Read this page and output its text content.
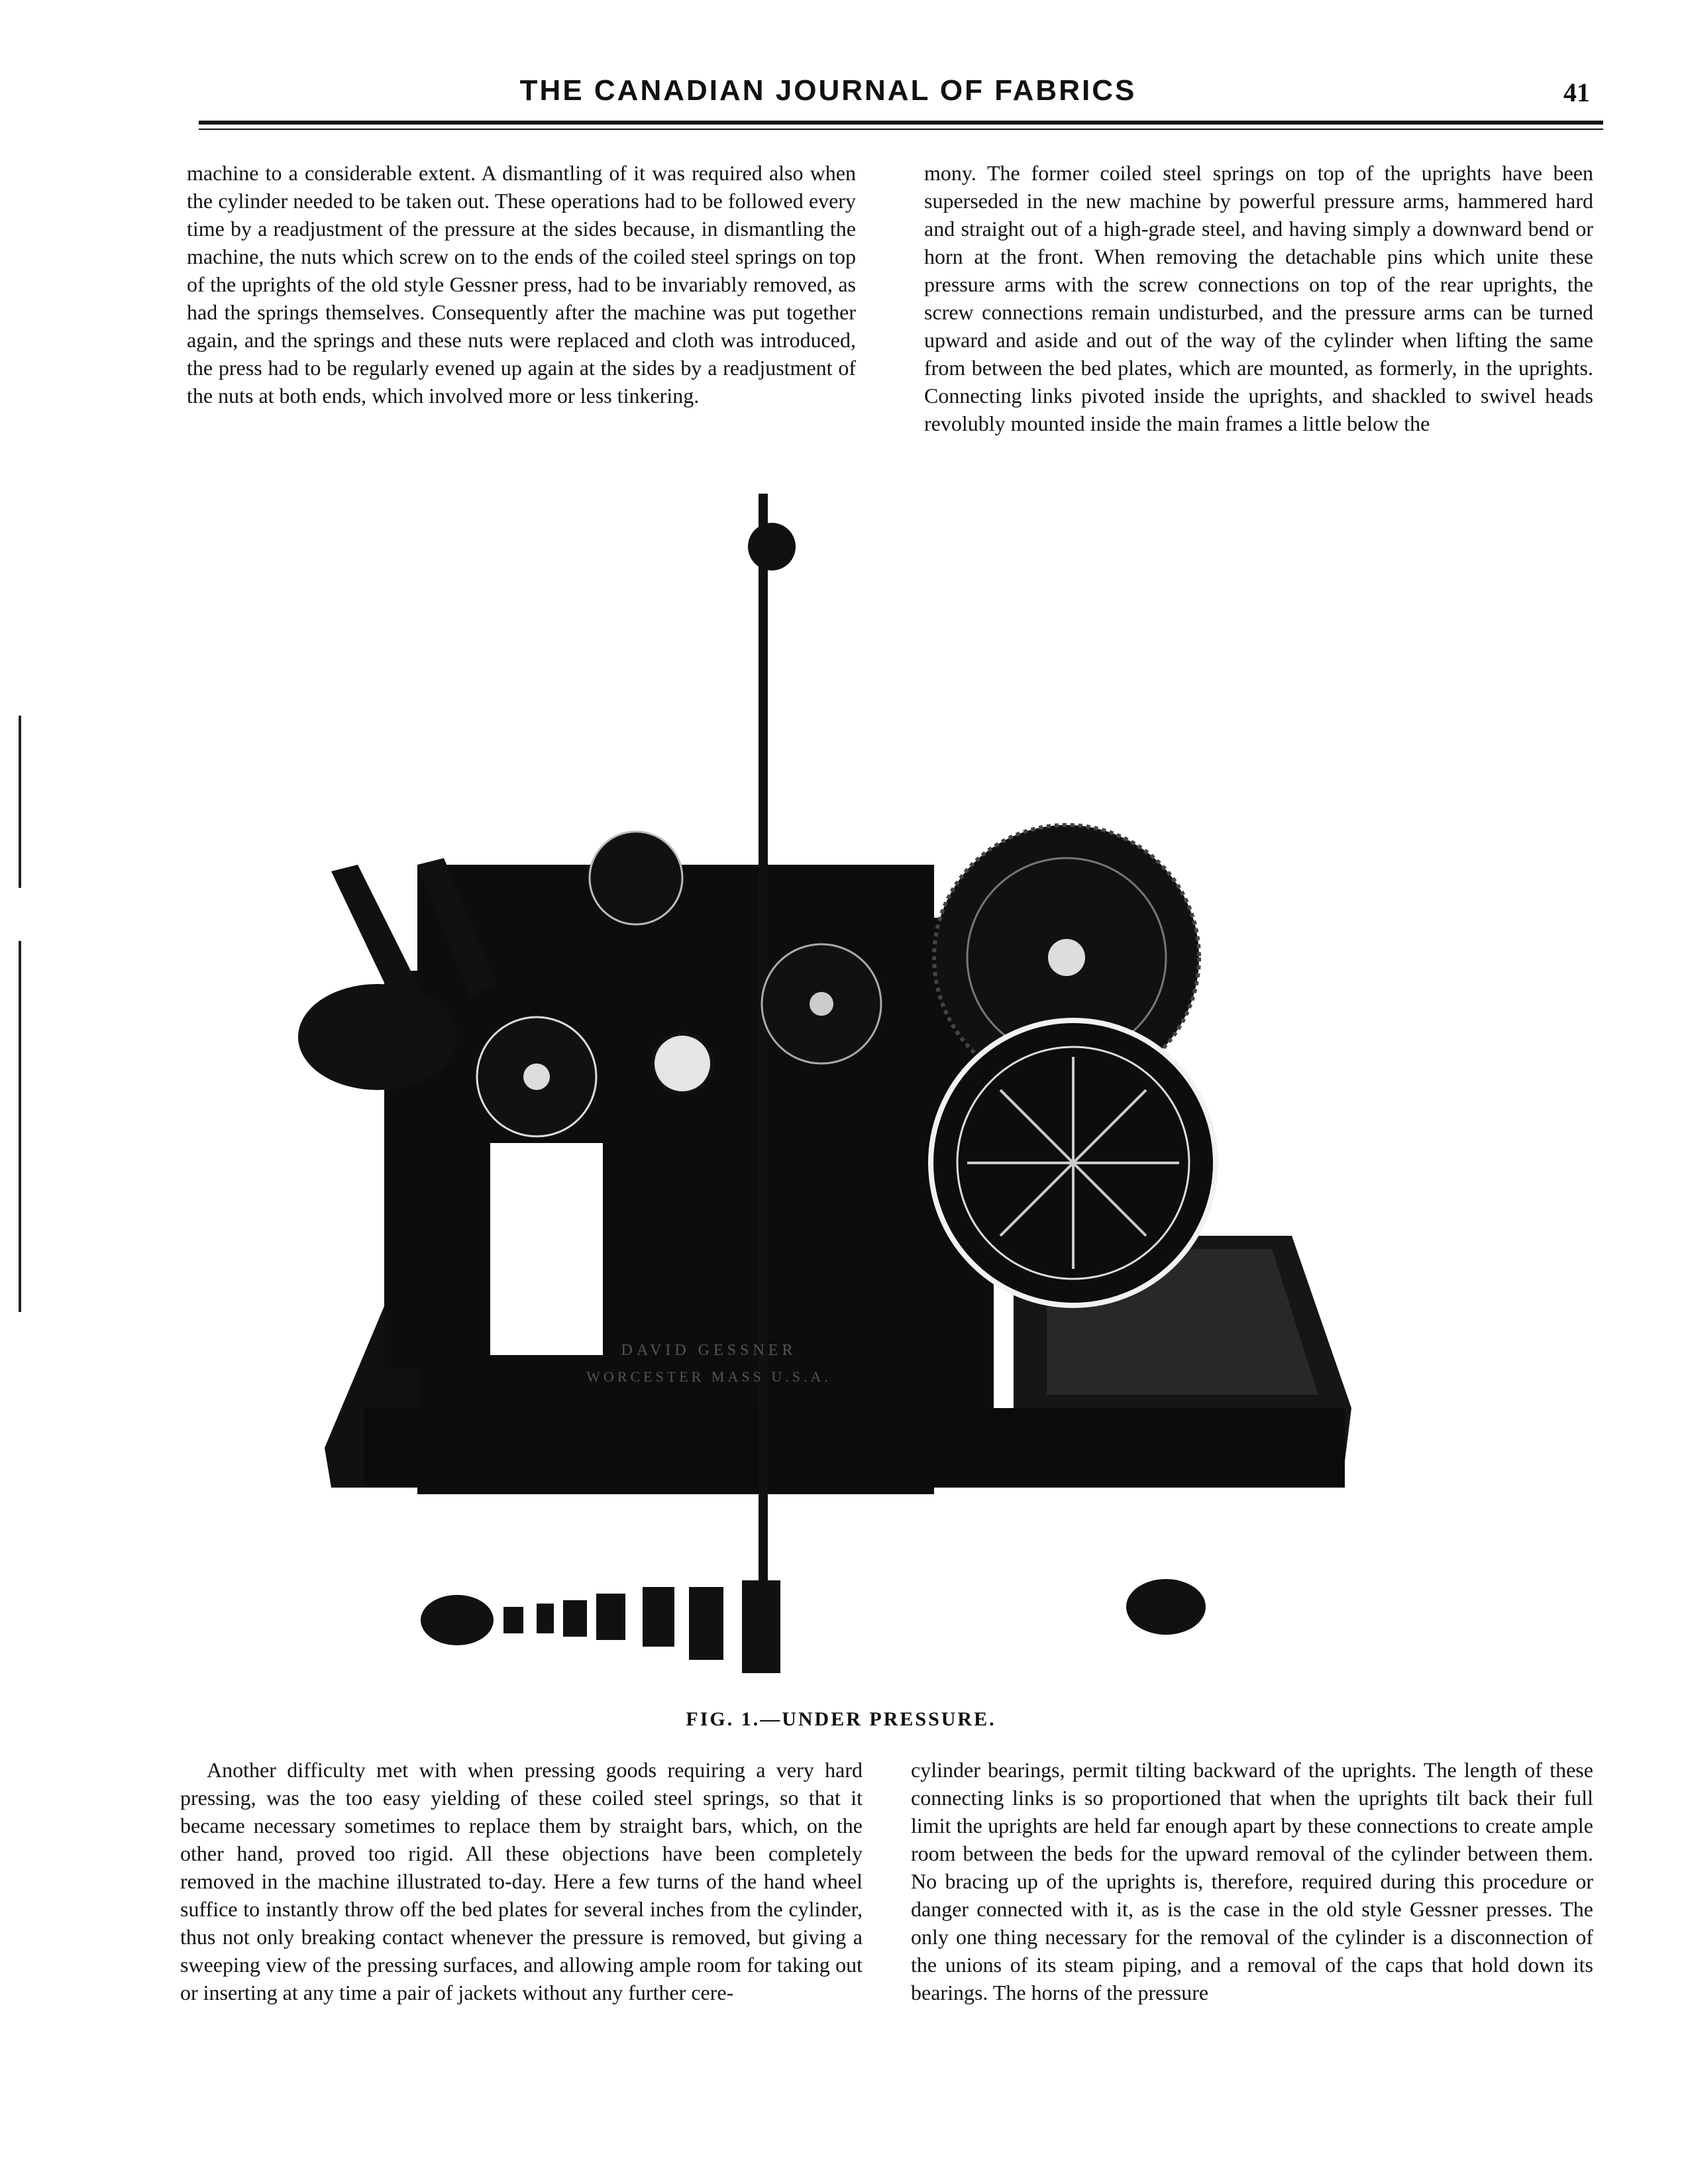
THE CANADIAN JOURNAL OF FABRICS	41

machine to a considerable extent. A dismantling of it was required also when the cylinder needed to be taken out. These operations had to be followed every time by a readjustment of the pressure at the sides because, in dismantling the machine, the nuts which screw on to the ends of the coiled steel springs on top of the uprights of the old style Gessner press, had to be invariably removed, as had the springs themselves. Consequently after the machine was put together again, and the springs and these nuts were replaced and cloth was introduced, the press had to be regularly evened up again at the sides by a readjustment of the nuts at both ends, which involved more or less tinkering.

mony. The former coiled steel springs on top of the uprights have been superseded in the new machine by powerful pressure arms, hammered hard and straight out of a high-grade steel, and having simply a downward bend or horn at the front. When removing the detachable pins which unite these pressure arms with the screw connections on top of the rear uprights, the screw connections remain undisturbed, and the pressure arms can be turned upward and aside and out of the way of the cylinder when lifting the same from between the bed plates, which are mounted, as formerly, in the uprights. Connecting links pivoted inside the uprights, and shackled to swivel heads revolubly mounted inside the main frames a little below the

DAVID GESSNER
WORCESTER MASS U.S.A.
FIG. 1.—UNDER PRESSURE.

Another difficulty met with when pressing goods requiring a very hard pressing, was the too easy yielding of these coiled steel springs, so that it became necessary sometimes to replace them by straight bars, which, on the other hand, proved too rigid. All these objections have been completely removed in the machine illustrated to-day. Here a few turns of the hand wheel suffice to instantly throw off the bed plates for several inches from the cylinder, thus not only breaking contact whenever the pressure is removed, but giving a sweeping view of the pressing surfaces, and allowing ample room for taking out or inserting at any time a pair of jackets without any further cere-

cylinder bearings, permit tilting backward of the uprights. The length of these connecting links is so proportioned that when the uprights tilt back their full limit the uprights are held far enough apart by these connections to create ample room between the beds for the upward removal of the cylinder between them. No bracing up of the uprights is, therefore, required during this procedure or danger connected with it, as is the case in the old style Gessner presses. The only one thing necessary for the removal of the cylinder is a disconnection of the unions of its steam piping, and a removal of the caps that hold down its bearings. The horns of the pressure
